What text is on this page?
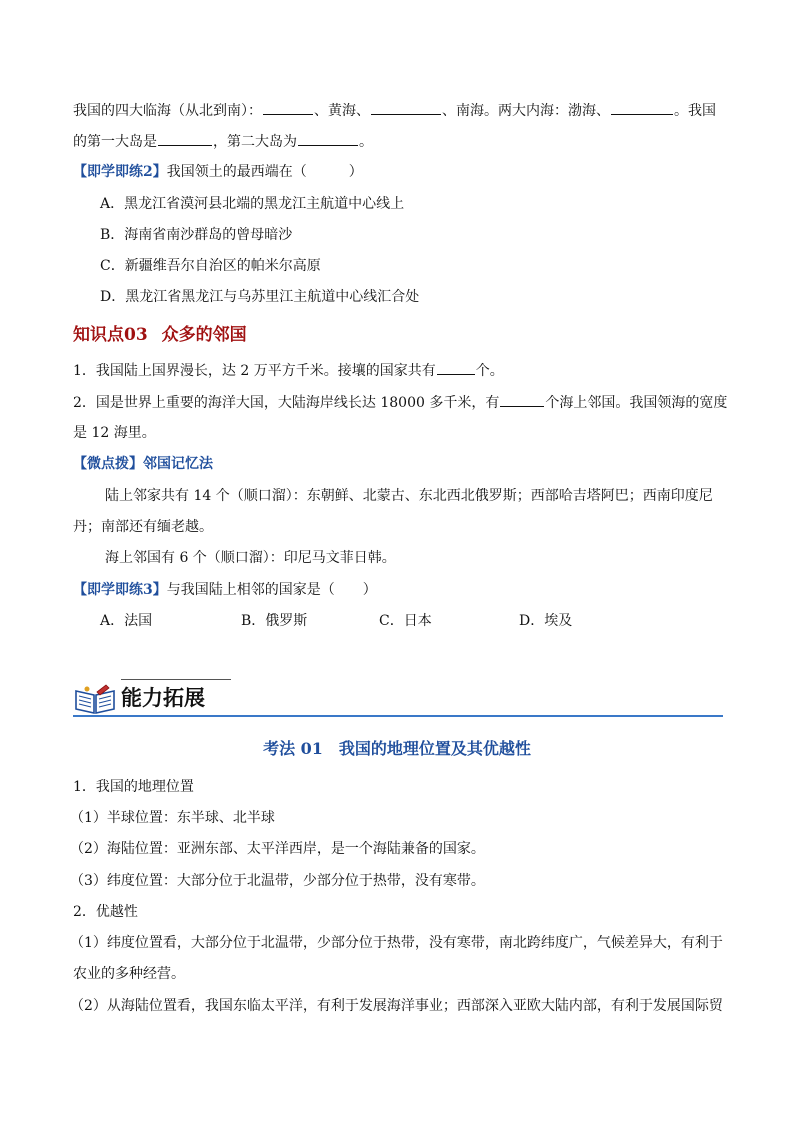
我国的四大临海（从北到南）：	、黄海、	、南海。两大内海：渤海、	。我国
的第一大岛是	，第二大岛为	。
【即学即练2】我国领土的最西端在（　　　）
A．黑龙江省漠河县北端的黑龙江主航道中心线上
B．海南省南沙群岛的曾母暗沙
C．新疆维吾尔自治区的帕米尔高原
D．黑龙江省黑龙江与乌苏里江主航道中心线汇合处
知识点03 众多的邻国
1．我国陆上国界漫长，达 2 万平方千米。接壤的国家共有	个。
2．国是世界上重要的海洋大国，大陆海岸线长达 18000 多千米，有	个海上邻国。我国领海的宽度
是 12 海里。
【微点拨】邻国记忆法
陆上邻家共有 14 个（顺口溜）：东朝鲜、北蒙古、东北西北俄罗斯；西部哈吉塔阿巴；西南印度尼
丹；南部还有缅老越。
海上邻国有 6 个（顺口溜）：印尼马文菲日韩。
【即学即练3】与我国陆上相邻的国家是（　　）
A．法国	B．俄罗斯	C．日本	D．埃及
能力拓展
考法 01 我国的地理位置及其优越性
1．我国的地理位置
（1）半球位置：东半球、北半球
（2）海陆位置：亚洲东部、太平洋西岸，是一个海陆兼备的国家。
（3）纬度位置：大部分位于北温带，少部分位于热带，没有寒带。
2．优越性
（1）纬度位置看，大部分位于北温带，少部分位于热带，没有寒带，南北跨纬度广，气候差异大，有利于
农业的多种经营。
（2）从海陆位置看，我国东临太平洋，有利于发展海洋事业；西部深入亚欧大陆内部，有利于发展国际贸
